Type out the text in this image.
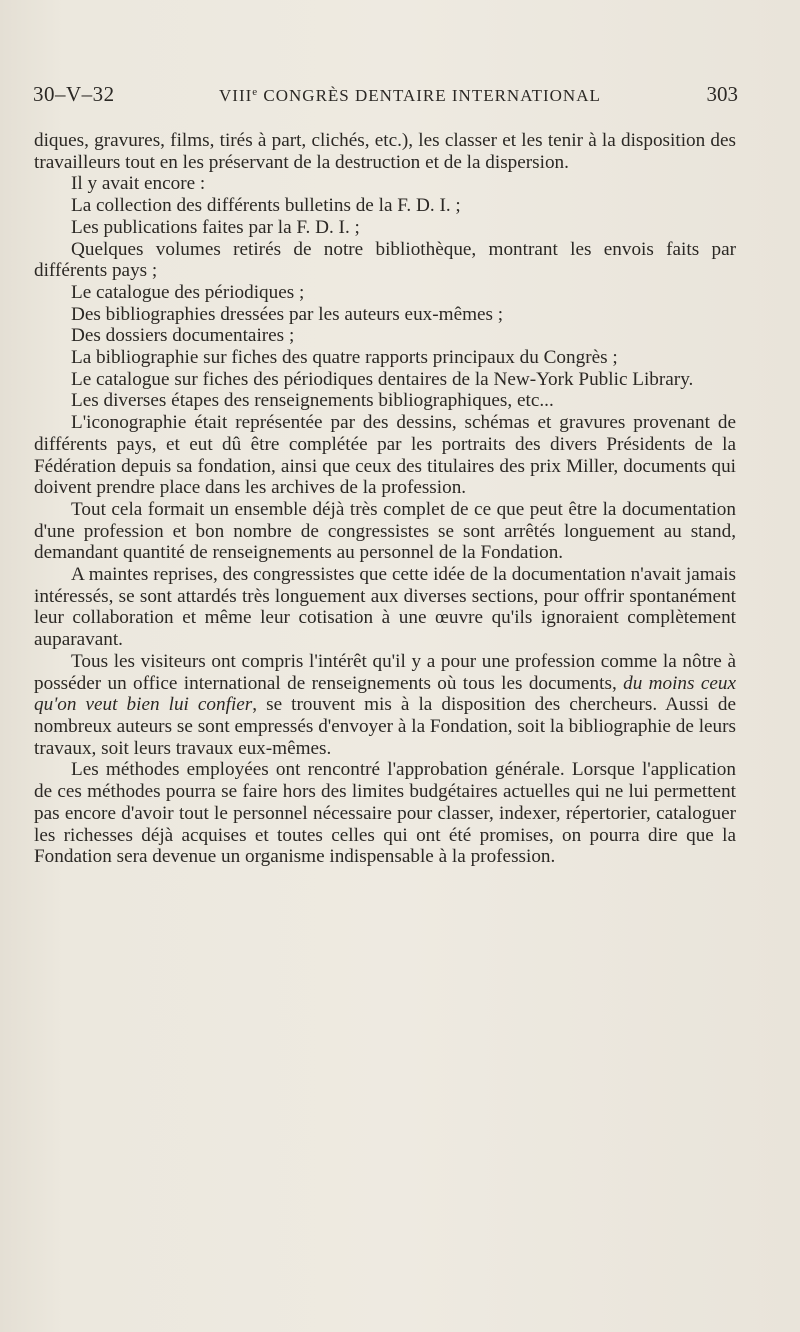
30–V–32	VIIIe CONGRÈS DENTAIRE INTERNATIONAL	303

diques, gravures, films, tirés à part, clichés, etc.), les classer et les tenir à la disposition des travailleurs tout en les préservant de la destruction et de la dispersion.

Il y avait encore :

La collection des différents bulletins de la F. D. I. ;

Les publications faites par la F. D. I. ;

Quelques volumes retirés de notre bibliothèque, montrant les envois faits par différents pays ;

Le catalogue des périodiques ;

Des bibliographies dressées par les auteurs eux-mêmes ;

Des dossiers documentaires ;

La bibliographie sur fiches des quatre rapports principaux du Congrès ;

Le catalogue sur fiches des périodiques dentaires de la New-York Public Library.

Les diverses étapes des renseignements bibliographiques, etc...

L'iconographie était représentée par des dessins, schémas et gravures provenant de différents pays, et eut dû être complétée par les portraits des divers Présidents de la Fédération depuis sa fondation, ainsi que ceux des titulaires des prix Miller, documents qui doivent prendre place dans les archives de la profession.

Tout cela formait un ensemble déjà très complet de ce que peut être la documentation d'une profession et bon nombre de congressistes se sont arrêtés longuement au stand, demandant quantité de renseignements au personnel de la Fondation.

A maintes reprises, des congressistes que cette idée de la documentation n'avait jamais intéressés, se sont attardés très longuement aux diverses sections, pour offrir spontanément leur collaboration et même leur cotisation à une œuvre qu'ils ignoraient complètement auparavant.

Tous les visiteurs ont compris l'intérêt qu'il y a pour une profession comme la nôtre à posséder un office international de renseignements où tous les documents, du moins ceux qu'on veut bien lui confier, se trouvent mis à la disposition des chercheurs. Aussi de nombreux auteurs se sont empressés d'envoyer à la Fondation, soit la bibliographie de leurs travaux, soit leurs travaux eux-mêmes.

Les méthodes employées ont rencontré l'approbation générale. Lorsque l'application de ces méthodes pourra se faire hors des limites budgétaires actuelles qui ne lui permettent pas encore d'avoir tout le personnel nécessaire pour classer, indexer, répertorier, cataloguer les richesses déjà acquises et toutes celles qui ont été promises, on pourra dire que la Fondation sera devenue un organisme indispensable à la profession.
